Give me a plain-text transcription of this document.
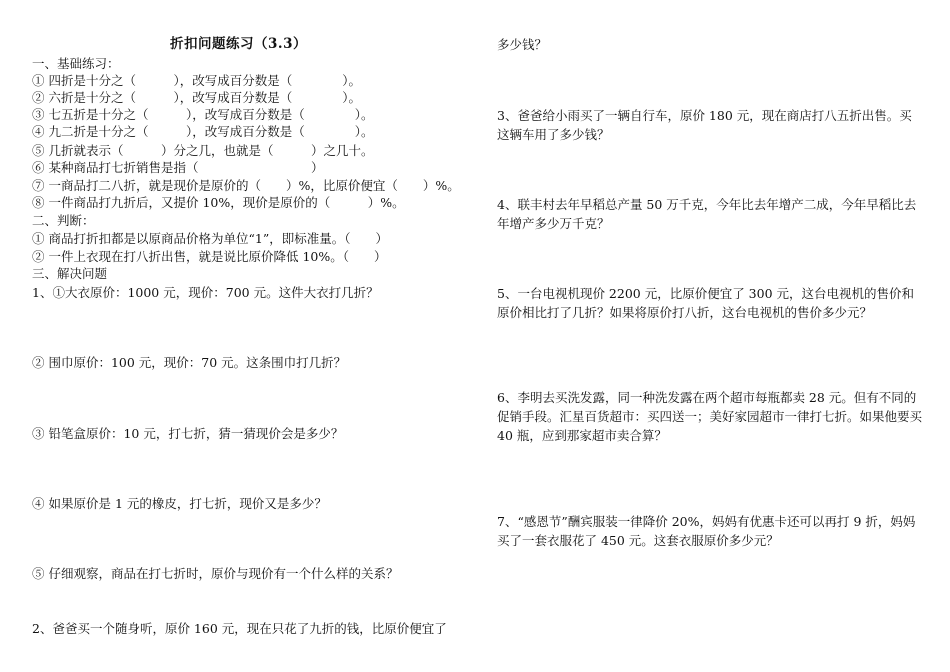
折扣问题练习（3.3）
一、基础练习：
① 四折是十分之（　　　），改写成百分数是（　　　　）。
② 六折是十分之（　　　），改写成百分数是（　　　　）。
③ 七五折是十分之（　　　），改写成百分数是（　　　　）。
④ 九二折是十分之（　　　），改写成百分数是（　　　　）。
⑤ 几折就表示（　　　）分之几，也就是（　　　）之几十。
⑥ 某种商品打七折销售是指（　　　　　　　　　）
⑦ 一商品打二八折，就是现价是原价的（　　）%，比原价便宜（　　）%。
⑧ 一件商品打九折后，又提价 10%，现价是原价的（　　　）%。
二、判断：
① 商品打折扣都是以原商品价格为单位“1”，即标准量。（　　）
② 一件上衣现在打八折出售，就是说比原价降低 10%。（　　）
三、解决问题
1、①大衣原价：1000 元，现价：700 元。这件大衣打几折？
② 围巾原价：100 元，现价：70 元。这条围巾打几折？
③ 铅笔盒原价：10 元，打七折，猜一猜现价会是多少？
④ 如果原价是 1 元的橡皮，打七折，现价又是多少？
⑤ 仔细观察，商品在打七折时，原价与现价有一个什么样的关系？
2、爸爸买一个随身听，原价 160 元，现在只花了九折的钱，比原价便宜了
多少钱？
3、爸爸给小雨买了一辆自行车，原价 180 元，现在商店打八五折出售。买这辆车用了多少钱？
4、联丰村去年早稻总产量 50 万千克，今年比去年增产二成，今年早稻比去年增产多少万千克？
5、一台电视机现价 2200 元，比原价便宜了 300 元，这台电视机的售价和原价相比打了几折？如果将原价打八折，这台电视机的售价多少元？
6、李明去买洗发露，同一种洗发露在两个超市每瓶都卖 28 元。但有不同的促销手段。汇星百货超市：买四送一；美好家园超市一律打七折。如果他要买 40 瓶，应到那家超市卖合算？
7、“感恩节”酬宾服装一律降价 20%，妈妈有优惠卡还可以再打 9 折，妈妈买了一套衣服花了 450 元。这套衣服原价多少元？
